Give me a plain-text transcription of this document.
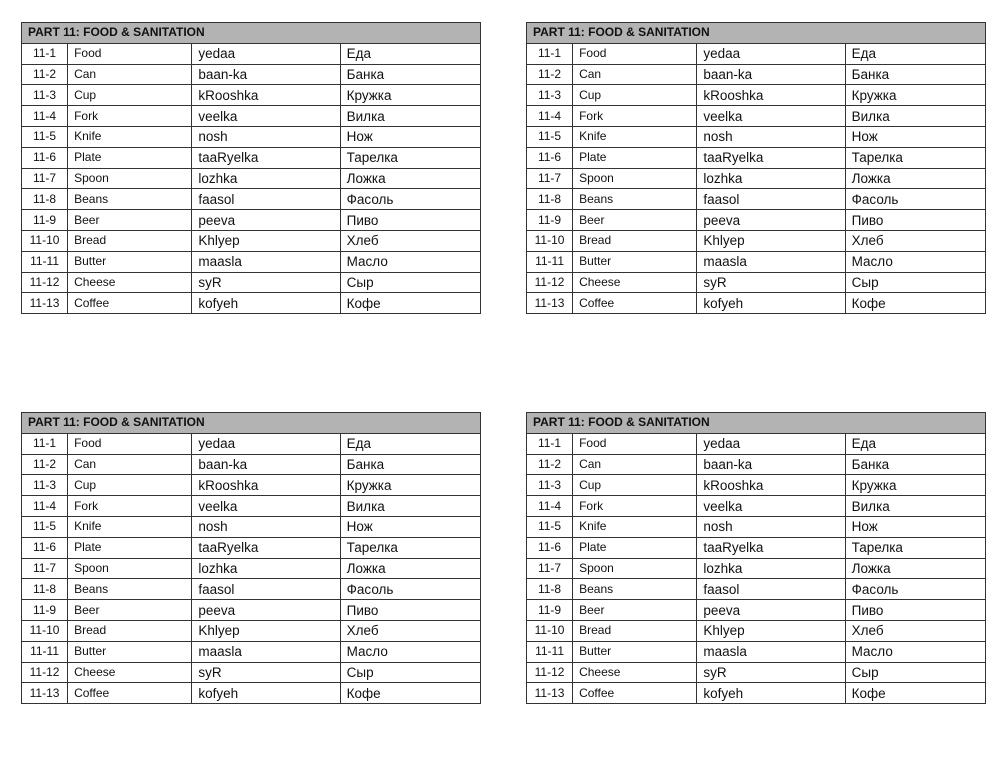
PART 11: FOOD & SANITATION			
11-1	Food	yedaa	Еда
11-2	Can	baan-ka	Банка
11-3	Cup	kRooshka	Кружка
11-4	Fork	veelka	Вилка
11-5	Knife	nosh	Нож
11-6	Plate	taaRyelka	Тарелка
11-7	Spoon	lozhka	Ложка
11-8	Beans	faasol	Фасоль
11-9	Beer	peeva	Пиво
11-10	Bread	Khlyep	Хлеб
11-11	Butter	maasla	Масло
11-12	Cheese	syR	Сыр
11-13	Coffee	kofyeh	Кофе
PART 11: FOOD & SANITATION			
11-1	Food	yedaa	Еда
11-2	Can	baan-ka	Банка
11-3	Cup	kRooshka	Кружка
11-4	Fork	veelka	Вилка
11-5	Knife	nosh	Нож
11-6	Plate	taaRyelka	Тарелка
11-7	Spoon	lozhka	Ложка
11-8	Beans	faasol	Фасоль
11-9	Beer	peeva	Пиво
11-10	Bread	Khlyep	Хлеб
11-11	Butter	maasla	Масло
11-12	Cheese	syR	Сыр
11-13	Coffee	kofyeh	Кофе
PART 11: FOOD & SANITATION			
11-1	Food	yedaa	Еда
11-2	Can	baan-ka	Банка
11-3	Cup	kRooshka	Кружка
11-4	Fork	veelka	Вилка
11-5	Knife	nosh	Нож
11-6	Plate	taaRyelka	Тарелка
11-7	Spoon	lozhka	Ложка
11-8	Beans	faasol	Фасоль
11-9	Beer	peeva	Пиво
11-10	Bread	Khlyep	Хлеб
11-11	Butter	maasla	Масло
11-12	Cheese	syR	Сыр
11-13	Coffee	kofyeh	Кофе
PART 11: FOOD & SANITATION			
11-1	Food	yedaa	Еда
11-2	Can	baan-ka	Банка
11-3	Cup	kRooshka	Кружка
11-4	Fork	veelka	Вилка
11-5	Knife	nosh	Нож
11-6	Plate	taaRyelka	Тарелка
11-7	Spoon	lozhka	Ложка
11-8	Beans	faasol	Фасоль
11-9	Beer	peeva	Пиво
11-10	Bread	Khlyep	Хлеб
11-11	Butter	maasla	Масло
11-12	Cheese	syR	Сыр
11-13	Coffee	kofyeh	Кофе
